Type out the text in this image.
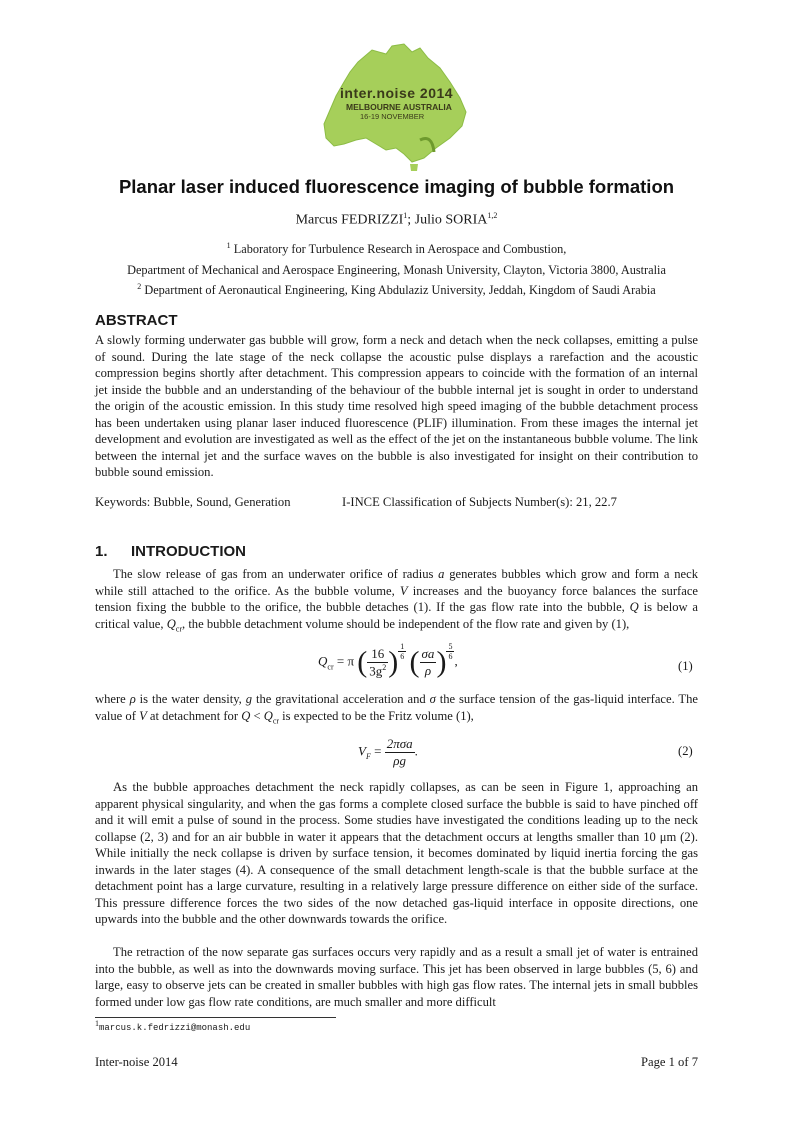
inter.noise 2014
MELBOURNE AUSTRALIA
16-19 NOVEMBER
Planar laser induced fluorescence imaging of bubble formation
Marcus FEDRIZZI$^1$; Julio SORIA$^{1,2}$
$^1$ Laboratory for Turbulence Research in Aerospace and Combustion,
Department of Mechanical and Aerospace Engineering, Monash University, Clayton, Victoria 3800, Australia
$^2$ Department of Aeronautical Engineering, King Abdulaziz University, Jeddah, Kingdom of Saudi Arabia
ABSTRACT

A slowly forming underwater gas bubble will grow, form a neck and detach when the neck collapses, emitting a pulse of sound. During the late stage of the neck collapse the acoustic pulse displays a rarefaction and the acoustic compression begins shortly after detachment. This compression appears to coincide with the formation of an internal jet inside the bubble and an understanding of the behaviour of the bubble internal jet is sought in order to understand the origin of the acoustic emission. In this study time resolved high speed imaging of the bubble detachment process has been undertaken using planar laser induced fluorescence (PLIF) illumination. From these images the internal jet development and evolution are investigated as well as the effect of the jet on the instantaneous bubble volume. The link between the internal jet and the surface waves on the bubble is also investigated for insight on their contribution to bubble sound emission.

Keywords: Bubble, Sound, Generation	I-INCE Classification of Subjects Number(s): 21, 22.7
1. INTRODUCTION

The slow release of gas from an underwater orifice of radius a generates bubbles which grow and form a neck while still attached to the orifice. As the bubble volume, V increases and the buoyancy force balances the surface tension fixing the bubble to the orifice, the bubble detaches (1). If the gas flow rate into the bubble, Q is below a critical value, $Q_{cr}$, the bubble detachment volume should be independent of the flow rate and given by (1),

$Q_{cr} = \pi$ ( $\frac{16}{3g^2}$ ) $\frac{1}{6}$ ( $\frac{\sigma a}{\rho}$ ) $\frac{5}{6}$
,	(1)

where ρ is the water density, g the gravitational acceleration and σ the surface tension of the gas-liquid interface. The value of V at detachment for $Q < Q_{cr}$ is expected to be the Fritz volume (1),

$V_F = \frac{\text{2πσa}}{\rho g}$ .	(2)

As the bubble approaches detachment the neck rapidly collapses, as can be seen in Figure 1, approaching an apparent physical singularity, and when the gas forms a complete closed surface the bubble is said to have pinched off and it will emit a pulse of sound in the process. Some studies have investigated the conditions leading up to the neck collapse (2, 3) and for an air bubble in water it appears that the detachment occurs at lengths smaller than 10 μm (2). While initially the neck collapse is driven by surface tension, it becomes dominated by liquid inertia forcing the gas inwards in the later stages (4). A consequence of the small detachment length-scale is that the bubble surface at the detachment point has a large curvature, resulting in a relatively large pressure difference on either side of the surface. This pressure difference forces the two sides of the now detached gas-liquid interface in opposite directions, one upwards into the bubble and the other downwards towards the orifice.

The retraction of the now separate gas surfaces occurs very rapidly and as a result a small jet of water is entrained into the bubble, as well as into the downwards moving surface. This jet has been observed in large bubbles (5, 6) and large, easy to observe jets can be created in smaller bubbles with high gas flow rates. The internal jets in small bubbles formed under low gas flow rate conditions, are much smaller and more difficult

$^1$marcus.k.fedrizzi@monash.edu
Inter-noise 2014	Page 1 of 7
